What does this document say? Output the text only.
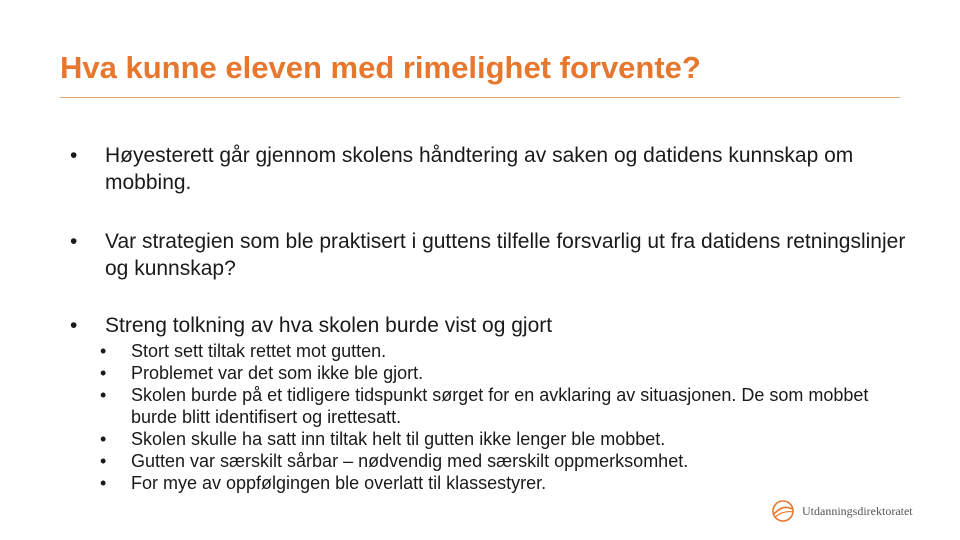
Hva kunne eleven med rimelighet forvente?
• Høyesterett går gjennom skolens håndtering av saken og datidens kunnskap om mobbing.
• Var strategien som ble praktisert i guttens tilfelle forsvarlig ut fra datidens retningslinjer og kunnskap?
• Streng tolkning av hva skolen burde vist og gjort
• Stort sett tiltak rettet mot gutten.
• Problemet var det som ikke ble gjort.
• Skolen burde på et tidligere tidspunkt sørget for en avklaring av situasjonen. De som mobbet burde blitt identifisert og irettesatt.
• Skolen skulle ha satt inn tiltak helt til gutten ikke lenger ble mobbet.
• Gutten var særskilt sårbar – nødvendig med særskilt oppmerksomhet.
• For mye av oppfølgingen ble overlatt til klassestyrer.
Utdanningsdirektoratet
